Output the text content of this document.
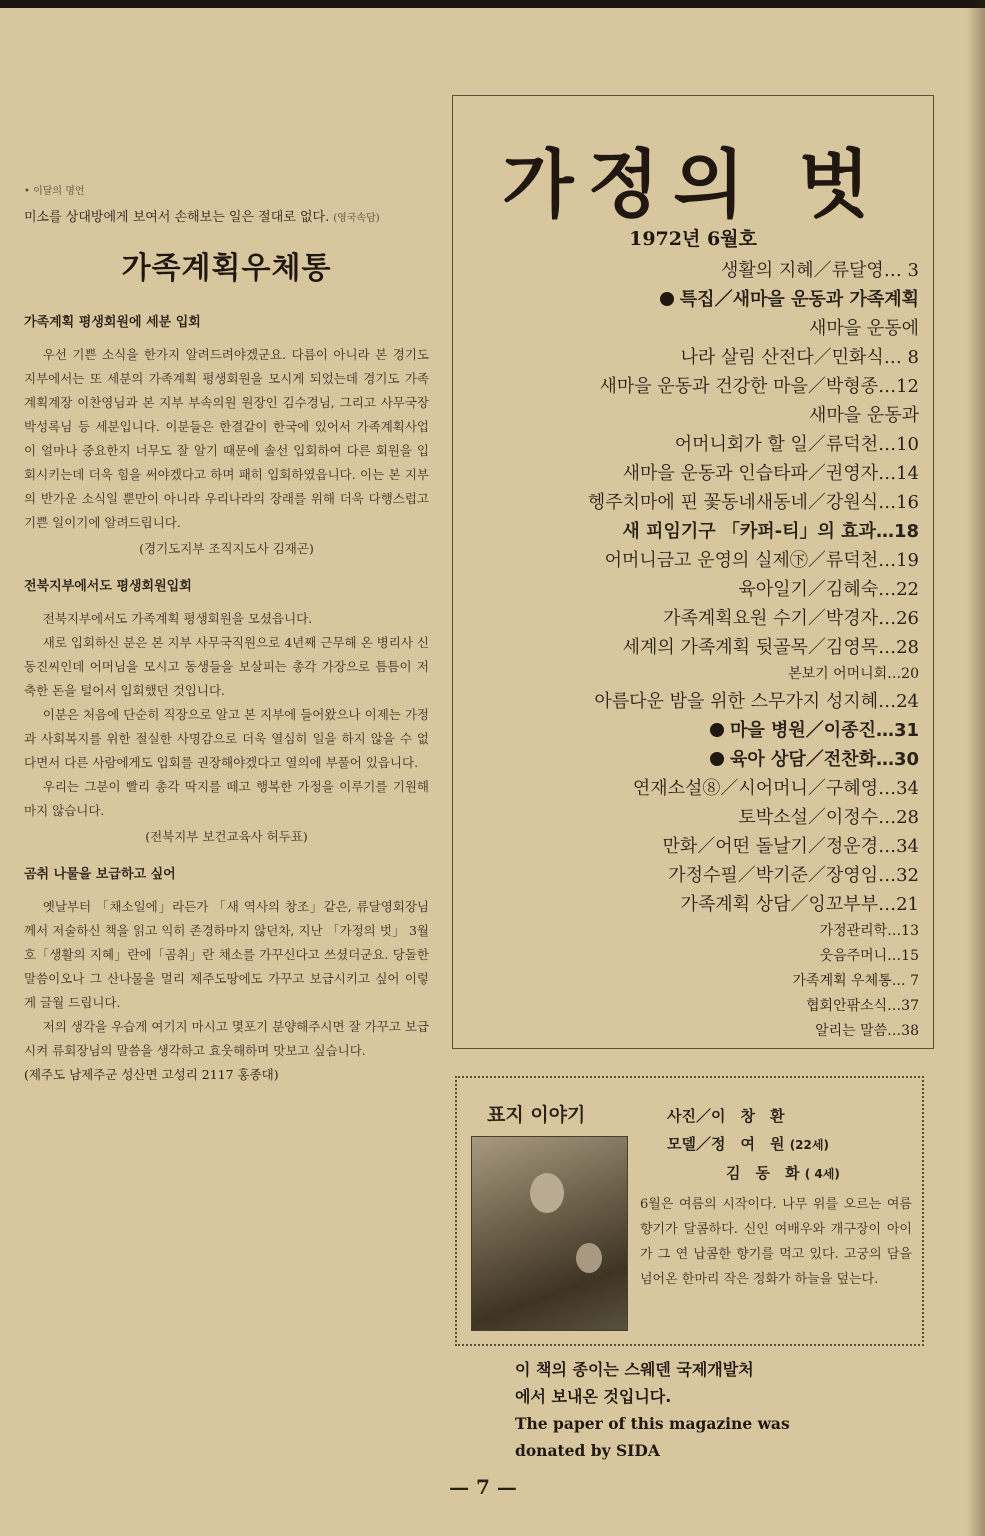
• 이달의 명언
미소를 상대방에게 보여서 손해보는 일은 절대로 없다. (영국속담)
가족계획우체통
가족계획 평생회원에 세분 입회

우선 기쁜 소식을 한가지 알려드려야겠군요. 다름이 아니라 본 경기도 지부에서는 또 세분의 가족계획 평생회원을 모시게 되었는데 경기도 가족계획계장 이찬영님과 본 지부 부속의원 원장인 김수경님, 그리고 사무국장 박성록님 등 세분입니다. 이분들은 한결같이 한국에 있어서 가족계획사업이 얼마나 중요한지 너무도 잘 알기 때문에 솔선 입회하여 다른 회원을 입회시키는데 더욱 힘을 써야겠다고 하며 패히 입회하였읍니다. 이는 본 지부의 반가운 소식일 뿐만이 아니라 우리나라의 장래를 위해 더욱 다행스럽고 기쁜 일이기에 알려드립니다.

(경기도지부 조직지도사 김재곤)
전북지부에서도 평생회원입회

전북지부에서도 가족계획 평생회원을 모셨읍니다.

새로 입회하신 분은 본 지부 사무국직원으로 4년째 근무해 온 병리사 신동진씨인데 어머님을 모시고 동생들을 보살피는 총각 가장으로 틈틈이 저축한 돈을 털어서 입회했던 것입니다.

이분은 처음에 단순히 직장으로 알고 본 지부에 들어왔으나 이제는 가정과 사회복지를 위한 절실한 사명감으로 더욱 열심히 일을 하지 않을 수 없다면서 다른 사람에게도 입회를 권장해야겠다고 열의에 부풀어 있읍니다.

우리는 그분이 빨리 총각 딱지를 떼고 행복한 가정을 이루기를 기원해 마지 않습니다.

(전북지부 보건교육사 허두표)
곰취 나물을 보급하고 싶어

옛날부터 「채소일에」라든가 「새 역사의 창조」같은, 류달영회장님께서 저술하신 책을 읽고 익히 존경하마지 않던차, 지난 「가정의 벗」 3월호「생활의 지혜」란에「곰취」란 채소를 가꾸신다고 쓰셨더군요. 당돌한 말씀이오나 그 산나물을 멀리 제주도땅에도 가꾸고 보급시키고 싶어 이렇게 글월 드립니다.

저의 생각을 우습게 여기지 마시고 몇포기 분양해주시면 잘 가꾸고 보급시켜 류회장님의 말씀을 생각하고 효웃해하며 맛보고 싶습니다.

(제주도 남제주군 성산면 고성리 2117 홍종대)
가정의 벗
1972년 6월호
생활의 지혜／류달영… 3
특집／새마을 운동과 가족계획
새마을 운동에
나라 살림 산전다／민화식… 8
새마을 운동과 건강한 마을／박형종…12
새마을 운동과
어머니회가 할 일／류덕천…10
새마을 운동과 인습타파／권영자…14
헹주치마에 핀 꽃동네새동네／강원식…16
새 피임기구 「카퍼-티」의 효과…18
어머니금고 운영의 실제㊦／류덕천…19
육아일기／김혜숙…22
가족계획요원 수기／박경자…26
세계의 가족계획 뒷골목／김영목…28
본보기 어머니회…20
아름다운 밤을 위한 스무가지 성지혜…24
마을 병원／이종진…31
육아 상담／전찬화…30
연재소설⑧／시어머니／구혜영…34
토박소설／이정수…28
만화／어떤 돌날기／정운경…34
가정수필／박기준／장영임…32
가족계획 상담／잉꼬부부…21
가정관리학…13
웃음주머니…15
가족계획 우체통… 7
협회안팎소식…37
알리는 말씀…38
표지 이야기	사진／이　창　환
모델／정　여　원 (22세)
김　동　화 ( 4세)
6월은 여름의 시작이다. 나무 위를 오르는 여름 향기가 달콤하다. 신인 여배우와 개구장이 아이가 그 연 납콤한 향기를 먹고 있다. 고궁의 담을 넘어온 한마리 작은 정화가 하늘을 덮는다.
이 책의 종이는 스웨덴 국제개발처
에서 보내온 것입니다.
The paper of this magazine was
donated by SIDA
— 7 —
